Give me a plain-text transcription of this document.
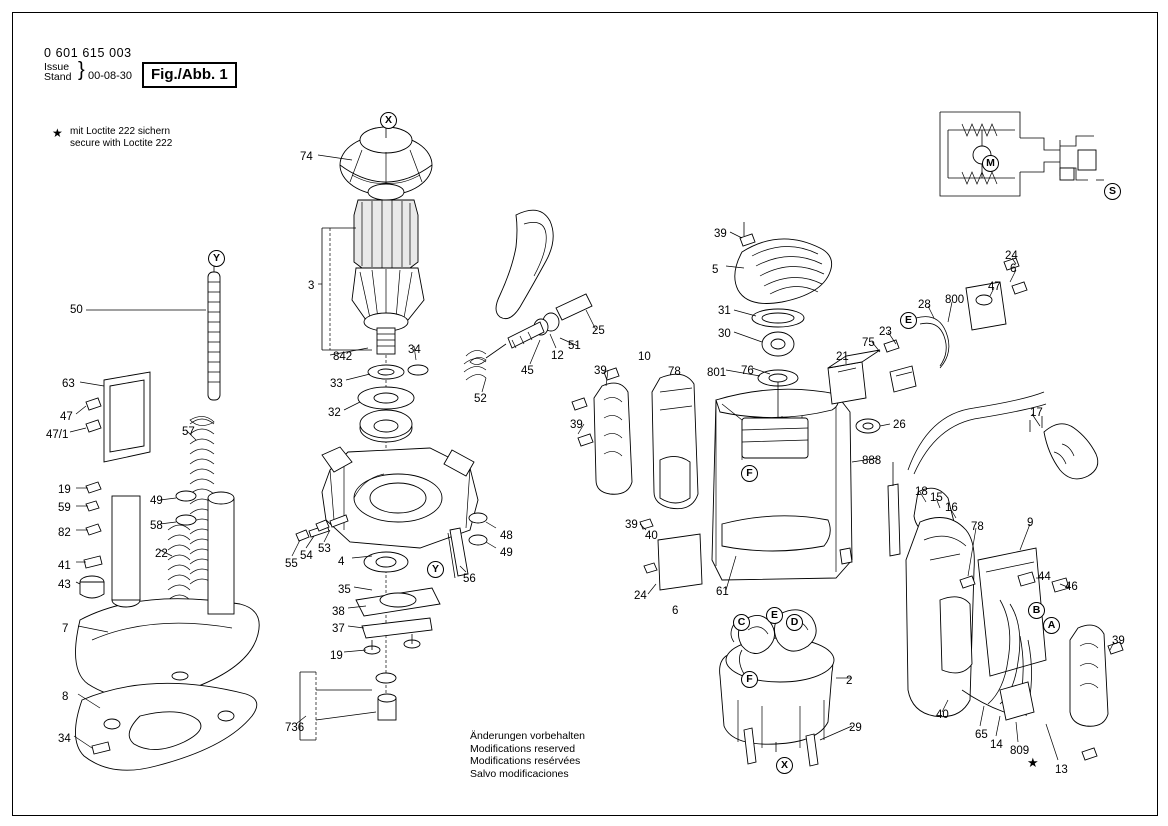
0 601 615 003
Issue
Stand } 00-08-30	Fig./Abb. 1
★ mit Loctite 222 sichern
secure with Loctite 222
Änderungen vorbehalten
Modifications reserved
Modifications resérvées
Salvo modificaciones
74
3
842
34
33
32
4
35
38
37
19
736
50
63
47
47/1	57
19
59
82
41
43
22
49
58
7
8
34
55
54
53
48
49
56
51
25
12
45
52
39
5
31
30
801 76
39
10
78
39
39
40
24
6
61
888
26
21
75
23
28 800
47
6
24
17
18 15
16
78	9
44
46
39
40
65
14 809
13
2
29
X
Y
Y
X
C
E
D
F
F
E
B
A
M
S
★
